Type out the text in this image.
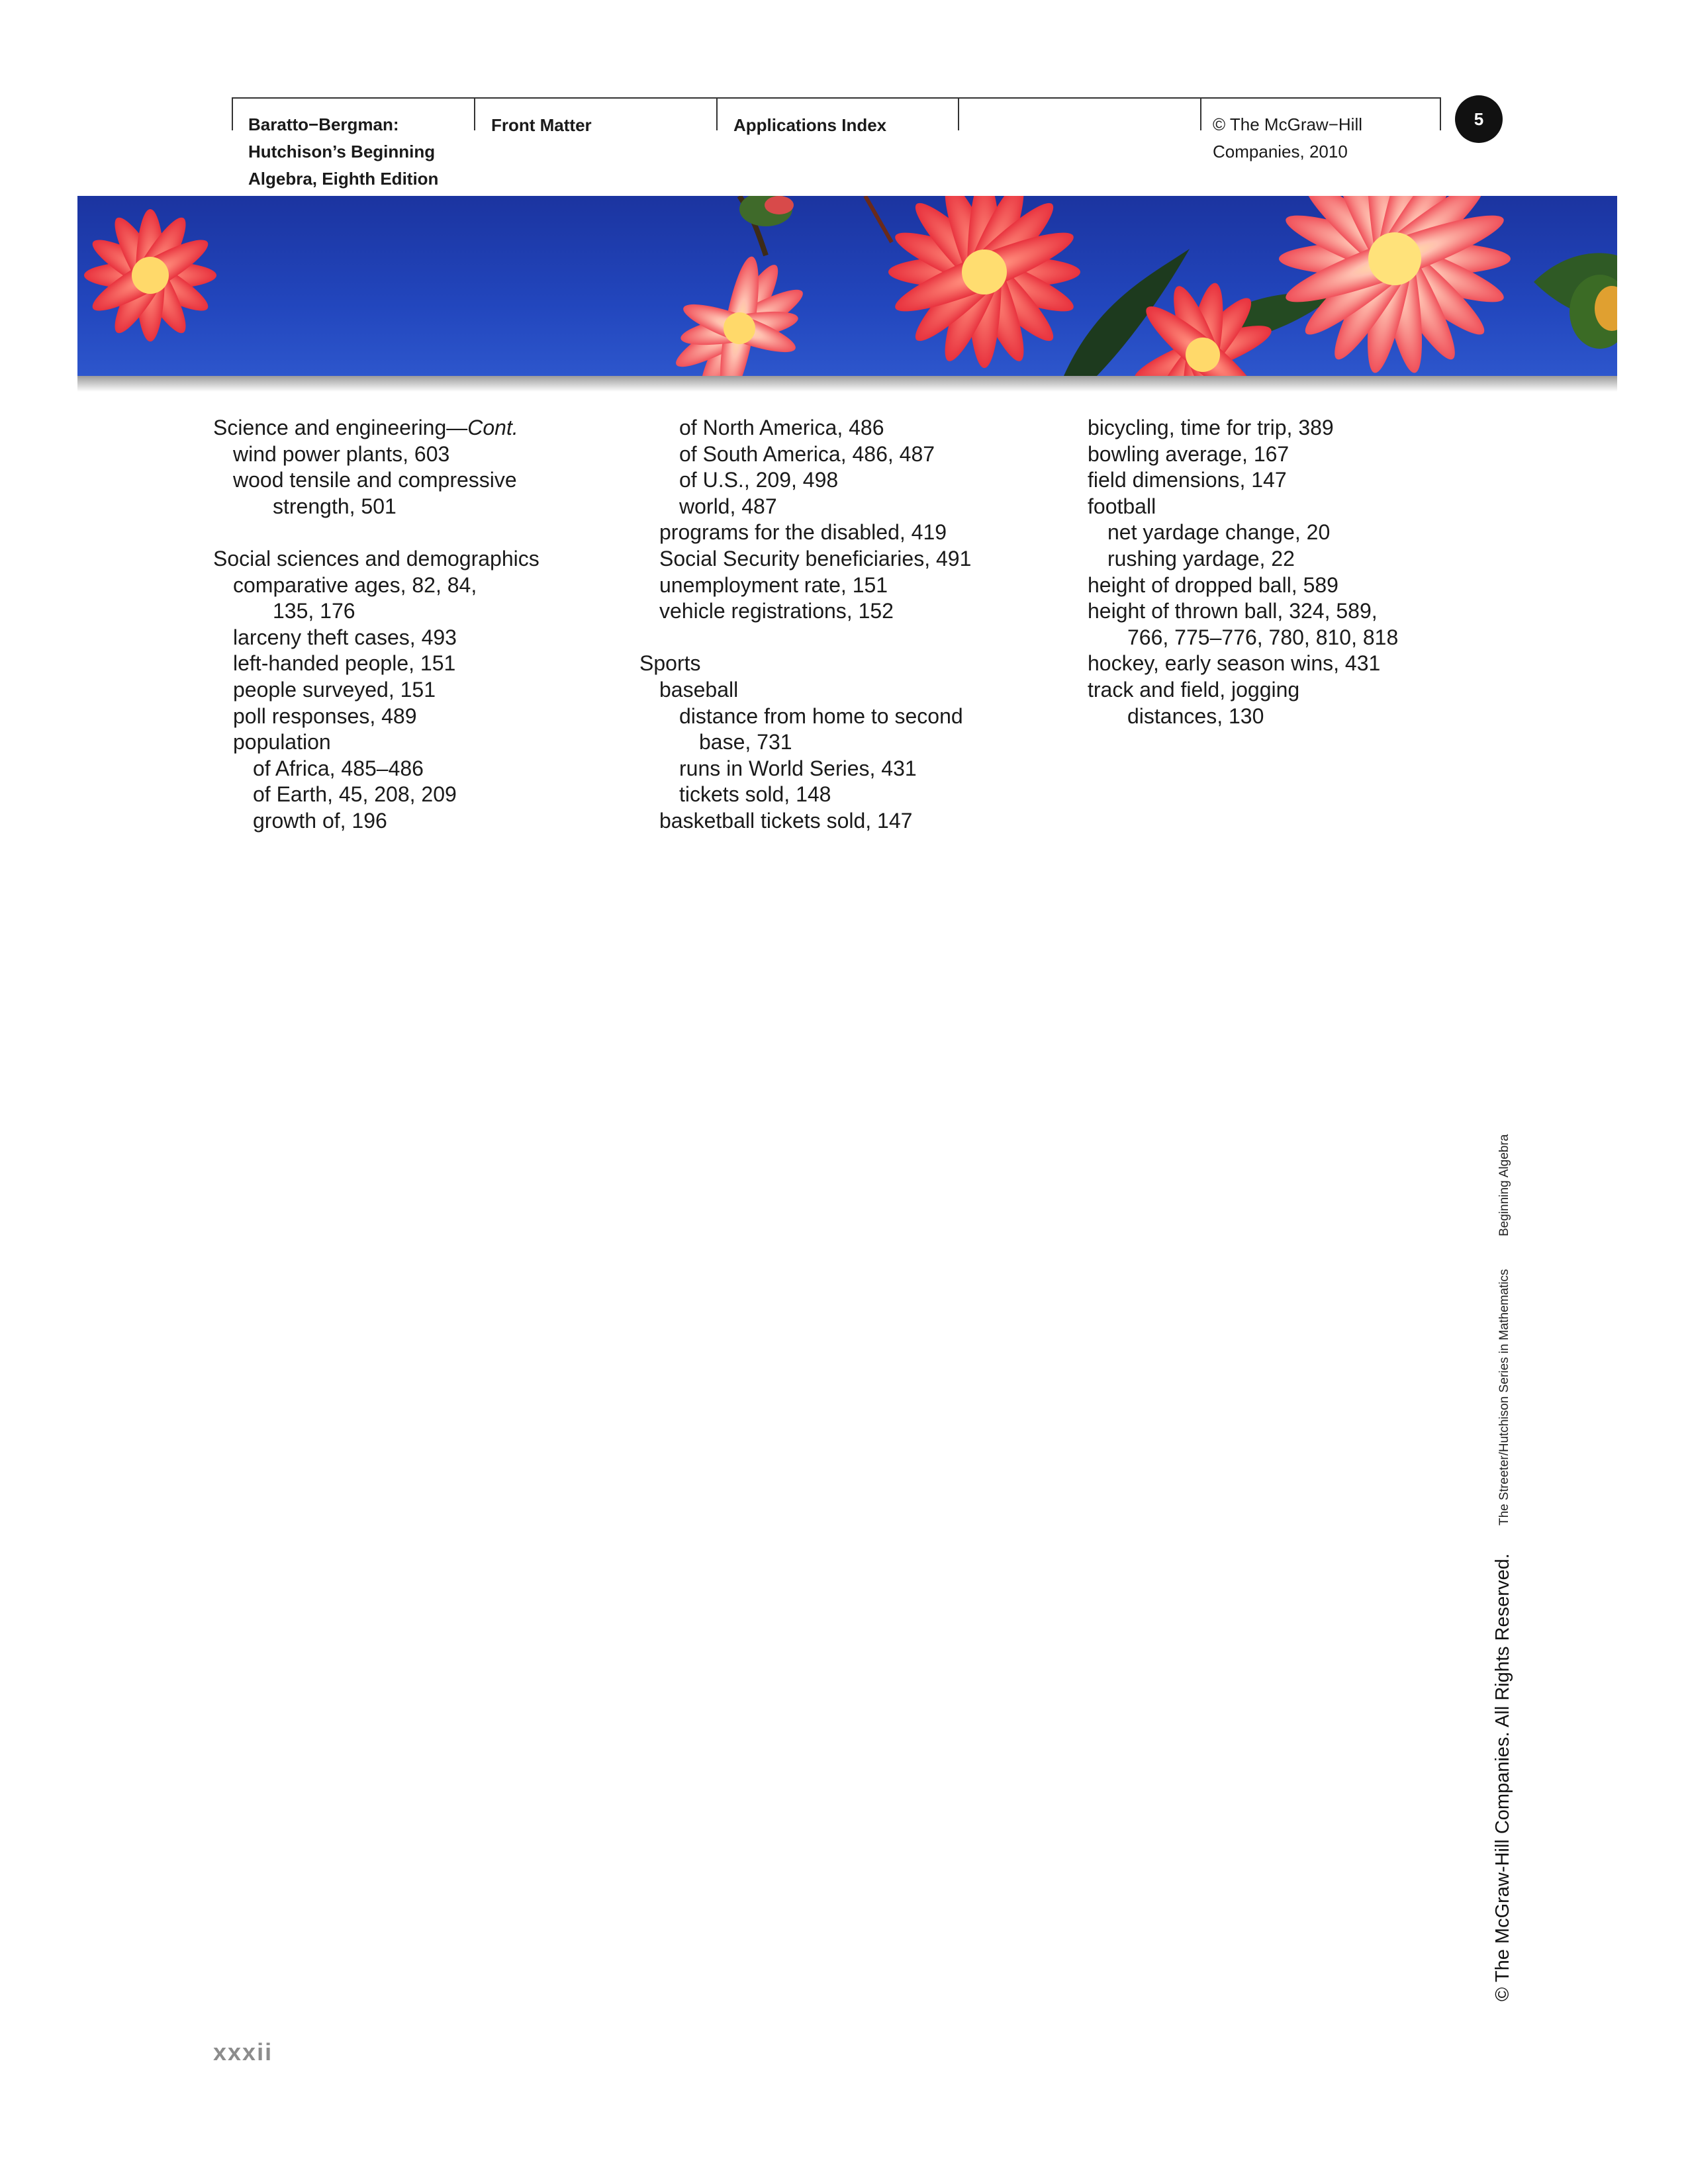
Front Matter	Applications Index
Baratto−Bergman:
Hutchison’s Beginning
Algebra, Eighth Edition
© The McGraw−Hill
Companies, 2010
5
Science and engineering—Cont.
wind power plants, 603
wood tensile and compressive
strength, 501
Social sciences and demographics
comparative ages, 82, 84,
135, 176
larceny theft cases, 493
left-handed people, 151
people surveyed, 151
poll responses, 489
population
of Africa, 485–486
of Earth, 45, 208, 209
growth of, 196
of North America, 486
of South America, 486, 487
of U.S., 209, 498
world, 487
programs for the disabled, 419
Social Security beneficiaries, 491
unemployment rate, 151
vehicle registrations, 152
Sports
baseball
distance from home to second
base, 731
runs in World Series, 431
tickets sold, 148
basketball tickets sold, 147
bicycling, time for trip, 389
bowling average, 167
field dimensions, 147
football
net yardage change, 20
rushing yardage, 22
height of dropped ball, 589
height of thrown ball, 324, 589,
766, 775–776, 780, 810, 818
hockey, early season wins, 431
track and field, jogging
distances, 130
xxxii
Beginning Algebra
The Streeter/Hutchison Series in Mathematics
© The McGraw-Hill Companies. All Rights Reserved.
